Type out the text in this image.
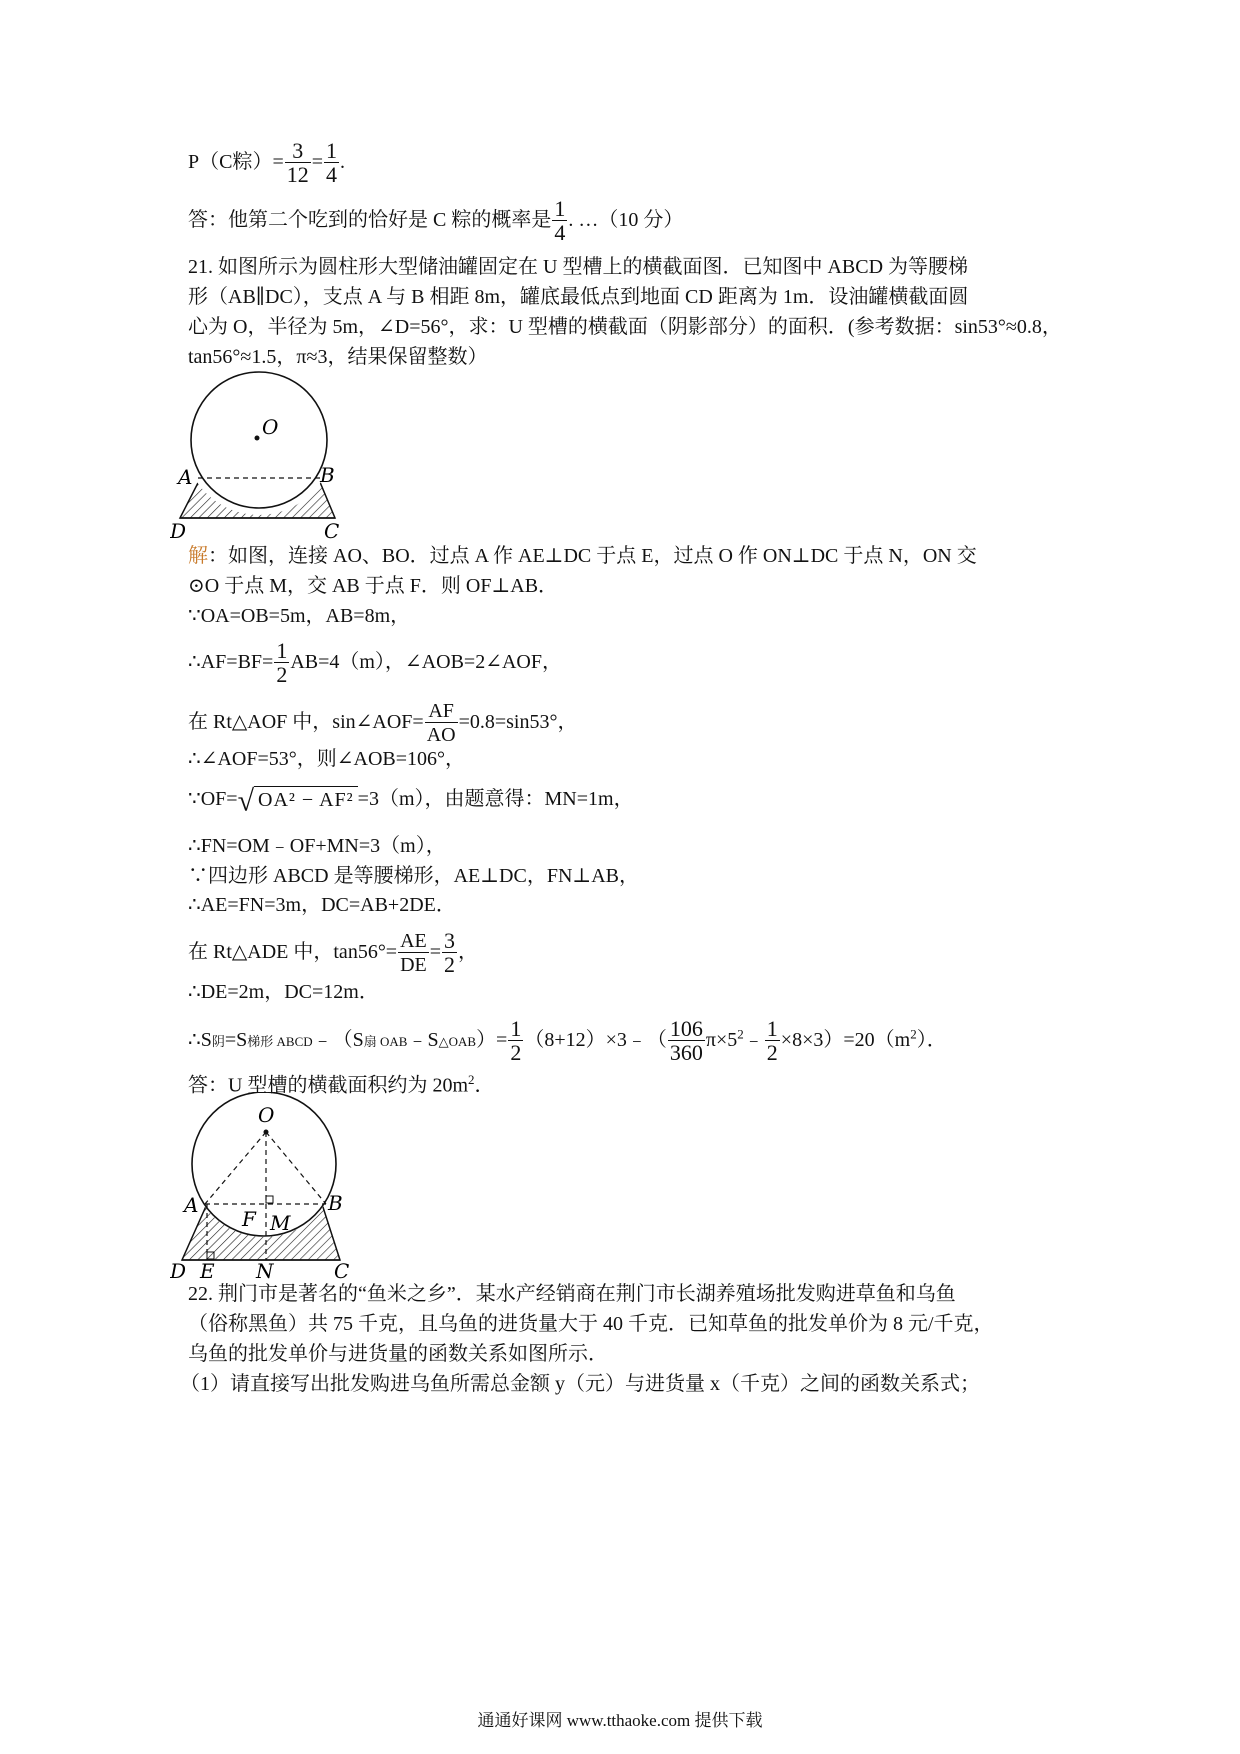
P（C粽）= $\frac{3}{12} = \frac{1}{4}$ .
答：他第二个吃到的恰好是 C 粽的概率是 $\frac{1}{4}$ . …（10 分）
21. 如图所示为圆柱形大型储油罐固定在 U 型槽上的横截面图．已知图中 ABCD 为等腰梯
形（AB∥DC），支点 A 与 B 相距 8m，罐底最低点到地面 CD 距离为 1m．设油罐横截面圆
心为 O，半径为 5m，∠D=56°，求：U 型槽的横截面（阴影部分）的面积．(参考数据：sin53°≈0.8，
tan56°≈1.5，π≈3，结果保留整数）
O
A	B
D	C
解：如图，连接 AO、BO．过点 A 作 AE⊥DC 于点 E，过点 O 作 ON⊥DC 于点 N，ON 交
⊙O 于点 M，交 AB 于点 F．则 OF⊥AB．
∵OA=OB=5m，AB=8m，
∴AF=BF= $\frac{1}{2} AB=4(m)$，∠AOB=2∠AOF，
在 Rt△AOF 中，sin∠AOF= $\frac{AF}{AO} =0.8=\sin 53^\circ$，
∴∠AOF=53°，则∠AOB=106°，
∵OF=√ OA² − AF² =3（m），由题意得：MN=1m，
∴FN=OM﹣OF+MN=3（m），
∵四边形 ABCD 是等腰梯形，AE⊥DC，FN⊥AB，
∴AE=FN=3m，DC=AB+2DE．
在 Rt△ADE 中，$\tan 56^\circ= \frac{AE}{DE} = \frac{3}{2}$ ，
∴DE=2m，DC=12m．
∴S阴=S梯形 ABCD﹣（S扇 OAB﹣S△OAB）= $\frac{1}{2}$ （8+12）×3﹣（ $\frac{106}{360}$ $\pi\times 5^2﹣ \frac{1}{2} \times 8\times 3)=20(m^2)$．
答：U 型槽的横截面积约为 $20m^2$．
O
A	B
F M
D E N	C
22. 荆门市是著名的“鱼米之乡”．某水产经销商在荆门市长湖养殖场批发购进草鱼和乌鱼
（俗称黑鱼）共 75 千克，且乌鱼的进货量大于 40 千克．已知草鱼的批发单价为 8 元/千克，
乌鱼的批发单价与进货量的函数关系如图所示．
（1）请直接写出批发购进乌鱼所需总金额 y（元）与进货量 x（千克）之间的函数关系式；
通通好课网 www.tthaoke.com 提供下载
